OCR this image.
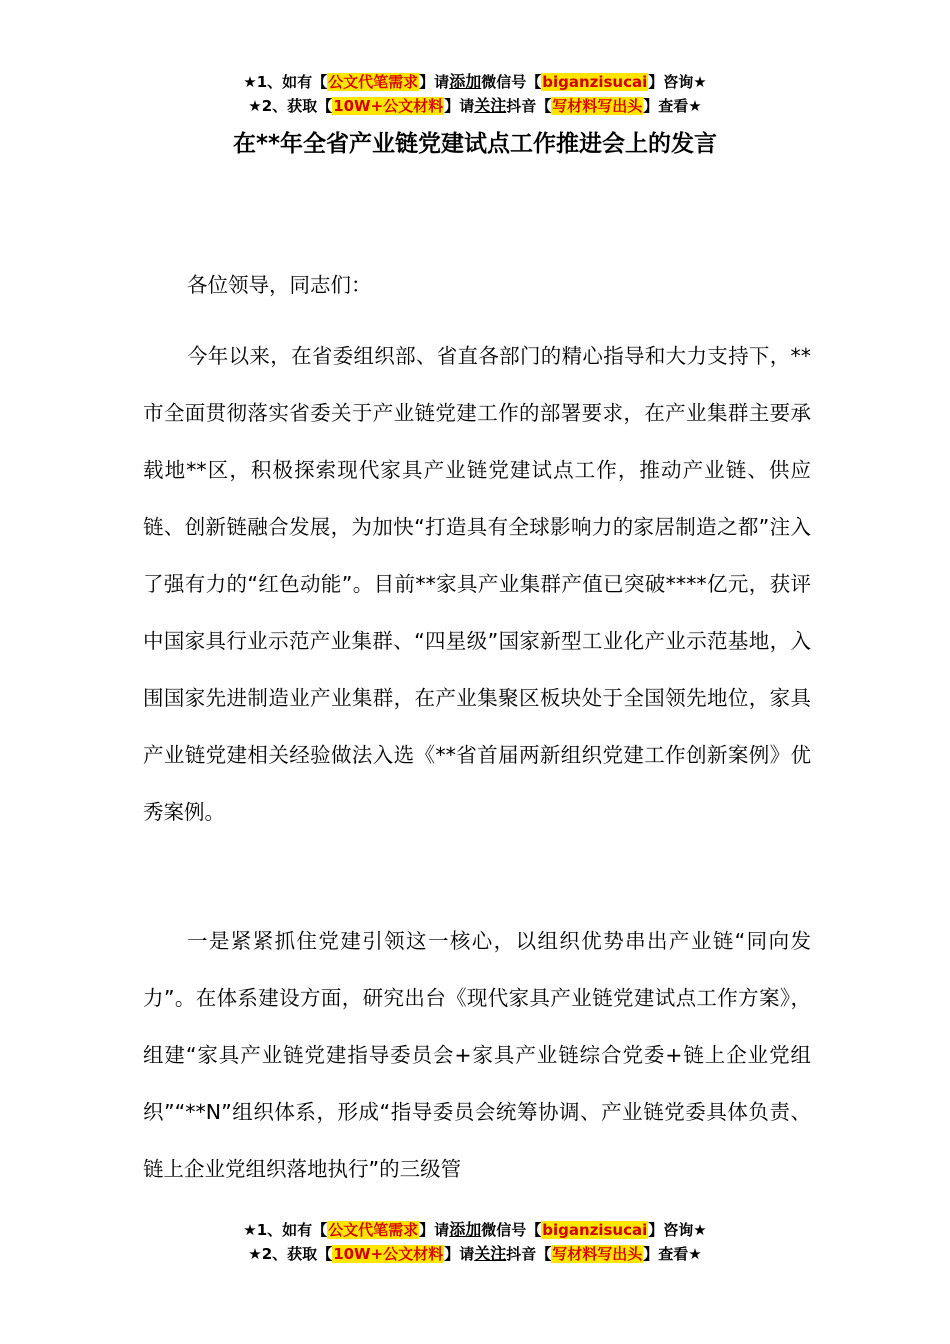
★1、如有【公文代笔需求】请添加微信号【biganzisucai】咨询★
★2、获取【10W+公文材料】请关注抖音【写材料写出头】查看★
在**年全省产业链党建试点工作推进会上的发言

各位领导，同志们：

今年以来，在省委组织部、省直各部门的精心指导和大力支持下，**市全面贯彻落实省委关于产业链党建工作的部署要求，在产业集群主要承载地**区，积极探索现代家具产业链党建试点工作，推动产业链、供应链、创新链融合发展，为加快“打造具有全球影响力的家居制造之都”注入了强有力的“红色动能”。目前**家具产业集群产值已突破****亿元，获评中国家具行业示范产业集群、“四星级”国家新型工业化产业示范基地，入围国家先进制造业产业集群，在产业集聚区板块处于全国领先地位，家具产业链党建相关经验做法入选《**省首届两新组织党建工作创新案例》优秀案例。

一是紧紧抓住党建引领这一核心，以组织优势串出产业链“同向发力”。在体系建设方面，研究出台《现代家具产业链党建试点工作方案》，组建“家具产业链党建指导委员会+家具产业链综合党委+链上企业党组织”“**N”组织体系，形成“指导委员会统筹协调、产业链党委具体负责、链上企业党组织落地执行”的三级管

★1、如有【公文代笔需求】请添加微信号【biganzisucai】咨询★
★2、获取【10W+公文材料】请关注抖音【写材料写出头】查看★
